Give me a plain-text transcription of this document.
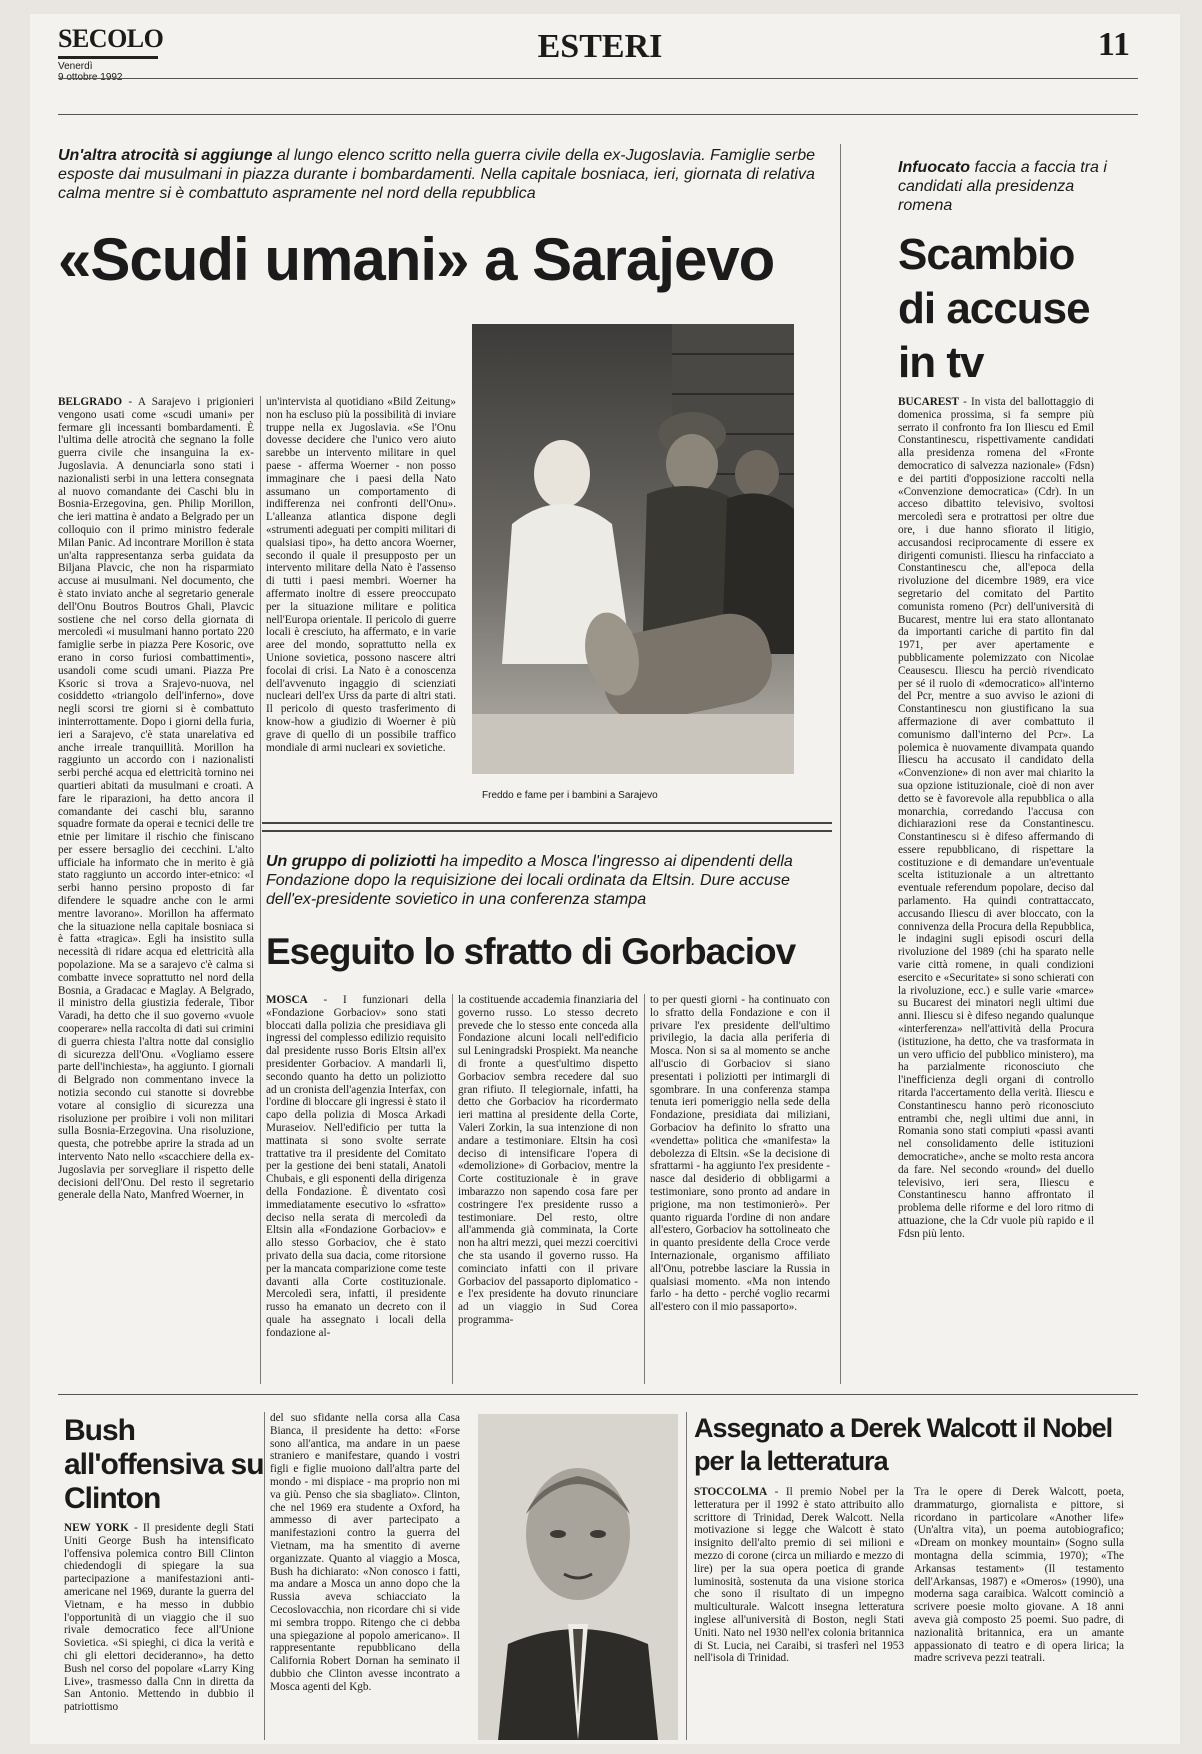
SECOLO
Venerdì
ESTERI	11
Un'altra atrocità si aggiunge al lungo elenco scritto nella guerra civile della ex-Jugoslavia. Famiglie serbe esposte dai musulmani in piazza durante i bombardamenti. Nella capitale bosniaca, ieri, giornata di relativa calma mentre si è combattuto aspramente nel nord della repubblica
«Scudi umani» a Sarajevo
BELGRADO - A Sarajevo i prigionieri vengono usati come «scudi umani» per fermare gli incessanti bombardamenti. È l'ultima delle atrocità che segnano la folle guerra civile che insanguina la ex-Jugoslavia. A denunciarla sono stati i nazionalisti serbi in una lettera consegnata al nuovo comandante dei Caschi blu in Bosnia-Erzegovina, gen. Philip Morillon, che ieri mattina è andato a Belgrado per un colloquio con il primo ministro federale Milan Panic. Ad incontrare Morillon è stata un'alta rappresentanza serba guidata da Biljana Plavcic, che non ha risparmiato accuse ai musulmani. Nel documento, che è stato inviato anche al segretario generale dell'Onu Boutros Boutros Ghali, Plavcic sostiene che nel corso della giornata di mercoledì «i musulmani hanno portato 220 famiglie serbe in piazza Pere Kosoric, ove erano in corso furiosi combattimenti», usandoli come scudi umani. Piazza Pre Ksoric si trova a Srajevo-nuova, nel cosiddetto «triangolo dell'inferno», dove negli scorsi tre giorni si è combattuto ininterrottamente. Dopo i giorni della furia, ieri a Sarajevo, c'è stata unarelativa ed anche irreale tranquillità. Morillon ha raggiunto un accordo con i nazionalisti serbi perché acqua ed elettricità tornino nei quartieri abitati da musulmani e croati. A fare le riparazioni, ha detto ancora il comandante dei caschi blu, saranno squadre formate da operai e tecnici delle tre etnie per limitare il rischio che finiscano per essere bersaglio dei cecchini. L'alto ufficiale ha informato che in merito è già stato raggiunto un accordo inter-etnico: «I serbi hanno persino proposto di far difendere le squadre anche con le armi mentre lavorano». Morillon ha affermato che la situazione nella capitale bosniaca si è fatta «tragica». Egli ha insistito sulla necessità di ridare acqua ed elettricità alla popolazione. Ma se a sarajevo c'è calma si combatte invece soprattutto nel nord della Bosnia, a Gradacac e Maglay. A Belgrado, il ministro della giustizia federale, Tibor Varadi, ha detto che il suo governo «vuole cooperare» nella raccolta di dati sui crimini di guerra chiesta l'altra notte dal consiglio di sicurezza dell'Onu. «Vogliamo essere parte dell'inchiesta», ha aggiunto. I giornali di Belgrado non commentano invece la notizia secondo cui stanotte si dovrebbe votare al consiglio di sicurezza una risoluzione per proibire i voli non militari sulla Bosnia-Erzegovina. Una risoluzione, questa, che potrebbe aprire la strada ad un intervento Nato nello «scacchiere della ex-Jugoslavia per sorvegliare il rispetto delle decisioni dell'Onu. Del resto il segretario generale della Nato, Manfred Woerner, in
un'intervista al quotidiano «Bild Zeitung» non ha escluso più la possibilità di inviare truppe nella ex Jugoslavia. «Se l'Onu dovesse decidere che l'unico vero aiuto sarebbe un intervento militare in quel paese - afferma Woerner - non posso immaginare che i paesi della Nato assumano un comportamento di indifferenza nei confronti dell'Onu». L'alleanza atlantica dispone degli «strumenti adeguati per compiti militari di qualsiasi tipo», ha detto ancora Woerner, secondo il quale il presupposto per un intervento militare della Nato è l'assenso di tutti i paesi membri. Woerner ha affermato inoltre di essere preoccupato per la situazione militare e politica nell'Europa orientale. Il pericolo di guerre locali è cresciuto, ha affermato, e in varie aree del mondo, soprattutto nella ex Unione sovietica, possono nascere altri focolai di crisi. La Nato è a conoscenza dell'avvenuto ingaggio di scienziati nucleari dell'ex Urss da parte di altri stati. Il pericolo di questo trasferimento di know-how a giudizio di Woerner è più grave di quello di un possibile traffico mondiale di armi nucleari ex sovietiche.
Freddo e fame per i bambini a Sarajevo
Infuocato faccia a faccia tra i candidati alla presidenza romena
Scambio di accuse in tv
BUCAREST - In vista del ballottaggio di domenica prossima, si fa sempre più serrato il confronto fra Ion Iliescu ed Emil Constantinescu, rispettivamente candidati alla presidenza romena del «Fronte democratico di salvezza nazionale» (Fdsn) e dei partiti d'opposizione raccolti nella «Convenzione democratica» (Cdr). In un acceso dibattito televisivo, svoltosi mercoledì sera e protrattosi per oltre due ore, i due hanno sfiorato il litigio, accusandosi reciprocamente di essere ex dirigenti comunisti. Iliescu ha rinfacciato a Constantinescu che, all'epoca della rivoluzione del dicembre 1989, era vice segretario del comitato del Partito comunista romeno (Pcr) dell'università di Bucarest, mentre lui era stato allontanato da importanti cariche di partito fin dal 1971, per aver apertamente e pubblicamente polemizzato con Nicolae Ceausescu. Iliescu ha perciò rivendicato per sé il ruolo di «democratico» all'interno del Pcr, mentre a suo avviso le azioni di Constantinescu non giustificano la sua affermazione di aver combattuto il comunismo dall'interno del Pcr». La polemica è nuovamente divampata quando Iliescu ha accusato il candidato della «Convenzione» di non aver mai chiarito la sua opzione istituzionale, cioè di non aver detto se è favorevole alla repubblica o alla monarchia, corredando l'accusa con dichiarazioni rese da Constantinescu. Constantinescu si è difeso affermando di essere repubblicano, di rispettare la costituzione e di demandare un'eventuale scelta istituzionale a un altrettanto eventuale referendum popolare, deciso dal parlamento. Ha quindi contrattaccato, accusando Iliescu di aver bloccato, con la connivenza della Procura della Repubblica, le indagini sugli episodi oscuri della rivoluzione del 1989 (chi ha sparato nelle varie città romene, in quali condizioni esercito e «Securitate» si sono schierati con la rivoluzione, ecc.) e sulle varie «marce» su Bucarest dei minatori negli ultimi due anni. Iliescu si è difeso negando qualunque «interferenza» nell'attività della Procura (istituzione, ha detto, che va trasformata in un vero ufficio del pubblico ministero), ma ha parzialmente riconosciuto che l'inefficienza degli organi di controllo ritarda l'accertamento della verità. Iliescu e Constantinescu hanno però riconosciuto entrambi che, negli ultimi due anni, in Romania sono stati compiuti «passi avanti nel consolidamento delle istituzioni democratiche», anche se molto resta ancora da fare. Nel secondo «round» del duello televisivo, ieri sera, Iliescu e Constantinescu hanno affrontato il problema delle riforme e del loro ritmo di attuazione, che la Cdr vuole più rapido e il Fdsn più lento.
Un gruppo di poliziotti ha impedito a Mosca l'ingresso ai dipendenti della Fondazione dopo la requisizione dei locali ordinata da Eltsin. Dure accuse dell'ex-presidente sovietico in una conferenza stampa
Eseguito lo sfratto di Gorbaciov
MOSCA - I funzionari della «Fondazione Gorbaciov» sono stati bloccati dalla polizia che presidiava gli ingressi del complesso edilizio requisito dal presidente russo Boris Eltsin all'ex presidenter Gorbaciov. A mandarli lì, secondo quanto ha detto un poliziotto ad un cronista dell'agenzia Interfax, con l'ordine di bloccare gli ingressi è stato il capo della polizia di Mosca Arkadi Muraseiov. Nell'edificio per tutta la mattinata si sono svolte serrate trattative tra il presidente del Comitato per la gestione dei beni statali, Anatoli Chubais, e gli esponenti della dirigenza della Fondazione. È diventato così immediatamente esecutivo lo «sfratto» deciso nella serata di mercoledì da Eltsin alla «Fondazione Gorbaciov» e allo stesso Gorbaciov, che è stato privato della sua dacia, come ritorsione per la mancata comparizione come teste davanti alla Corte costituzionale. Mercoledì sera, infatti, il presidente russo ha emanato un decreto con il quale ha assegnato i locali della fondazione al-
la costituende accademia finanziaria del governo russo. Lo stesso decreto prevede che lo stesso ente conceda alla Fondazione alcuni locali nell'edificio sul Leningradski Prospiekt. Ma neanche di fronte a quest'ultimo dispetto Gorbaciov sembra recedere dal suo gran rifiuto. Il telegiornale, infatti, ha detto che Gorbaciov ha ricordermato ieri mattina al presidente della Corte, Valeri Zorkin, la sua intenzione di non andare a testimoniare. Eltsin ha così deciso di intensificare l'opera di «demolizione» di Gorbaciov, mentre la Corte costituzionale è in grave imbarazzo non sapendo cosa fare per costringere l'ex presidente russo a testimoniare. Del resto, oltre all'ammenda già comminata, la Corte non ha altri mezzi, quei mezzi coercitivi che sta usando il governo russo. Ha cominciato infatti con il privare Gorbaciov del passaporto diplomatico - e l'ex presidente ha dovuto rinunciare ad un viaggio in Sud Corea programma-
to per questi giorni - ha continuato con lo sfratto della Fondazione e con il privare l'ex presidente dell'ultimo privilegio, la dacia alla periferia di Mosca. Non si sa al momento se anche all'uscio di Gorbaciov si siano presentati i poliziotti per intimargli di sgombrare. In una conferenza stampa tenuta ieri pomeriggio nella sede della Fondazione, presidiata dai miliziani, Gorbaciov ha definito lo sfratto una «vendetta» politica che «manifesta» la debolezza di Eltsin. «Se la decisione di sfrattarmi - ha aggiunto l'ex presidente - nasce dal desiderio di obbligarmi a testimoniare, sono pronto ad andare in prigione, ma non testimonierò». Per quanto riguarda l'ordine di non andare all'estero, Gorbaciov ha sottolineato che in quanto presidente della Croce verde Internazionale, organismo affiliato all'Onu, potrebbe lasciare la Russia in qualsiasi momento. «Ma non intendo farlo - ha detto - perché voglio recarmi all'estero con il mio passaporto».
Bush all'offensiva su Clinton
NEW YORK - Il presidente degli Stati Uniti George Bush ha intensificato l'offensiva polemica contro Bill Clinton chiedendogli di spiegare la sua partecipazione a manifestazioni anti-americane nel 1969, durante la guerra del Vietnam, e ha messo in dubbio l'opportunità di un viaggio che il suo rivale democratico fece all'Unione Sovietica. «Si spieghi, ci dica la verità e chi gli elettori decideranno», ha detto Bush nel corso del popolare «Larry King Live», trasmesso dalla Cnn in diretta da San Antonio. Mettendo in dubbio il patriottismo
del suo sfidante nella corsa alla Casa Bianca, il presidente ha detto: «Forse sono all'antica, ma andare in un paese straniero e manifestare, quando i vostri figli e figlie muoiono dall'altra parte del mondo - mi dispiace - ma proprio non mi va giù. Penso che sia sbagliato». Clinton, che nel 1969 era studente a Oxford, ha ammesso di aver partecipato a manifestazioni contro la guerra del Vietnam, ma ha smentito di averne organizzate. Quanto al viaggio a Mosca, Bush ha dichiarato: «Non conosco i fatti, ma andare a Mosca un anno dopo che la Russia aveva schiacciato la Cecoslovacchia, non ricordare chi si vide mi sembra troppo. Ritengo che ci debba una spiegazione al popolo americano». Il rappresentante repubblicano della California Robert Dornan ha seminato il dubbio che Clinton avesse incontrato a Mosca agenti del Kgb.
Assegnato a Derek Walcott il Nobel per la letteratura
STOCCOLMA - Il premio Nobel per la letteratura per il 1992 è stato attribuito allo scrittore di Trinidad, Derek Walcott. Nella motivazione si legge che Walcott è stato insignito dell'alto premio di sei milioni e mezzo di corone (circa un miliardo e mezzo di lire) per la sua opera poetica di grande luminosità, sostenuta da una visione storica che sono il risultato di un impegno multiculturale. Walcott insegna letteratura inglese all'università di Boston, negli Stati Uniti. Nato nel 1930 nell'ex colonia britannica di St. Lucia, nei Caraibi, si trasferì nel 1953 nell'isola di Trinidad.
Tra le opere di Derek Walcott, poeta, drammaturgo, giornalista e pittore, si ricordano in particolare «Another life» (Un'altra vita), un poema autobiografico; «Dream on monkey mountain» (Sogno sulla montagna della scimmia, 1970); «The Arkansas testament» (Il testamento dell'Arkansas, 1987) e «Omeros» (1990), una moderna saga caraibica. Walcott cominciò a scrivere poesie molto giovane. A 18 anni aveva già composto 25 poemi. Suo padre, di nazionalità britannica, era un amante appassionato di teatro e di opera lirica; la madre scriveva pezzi teatrali.
